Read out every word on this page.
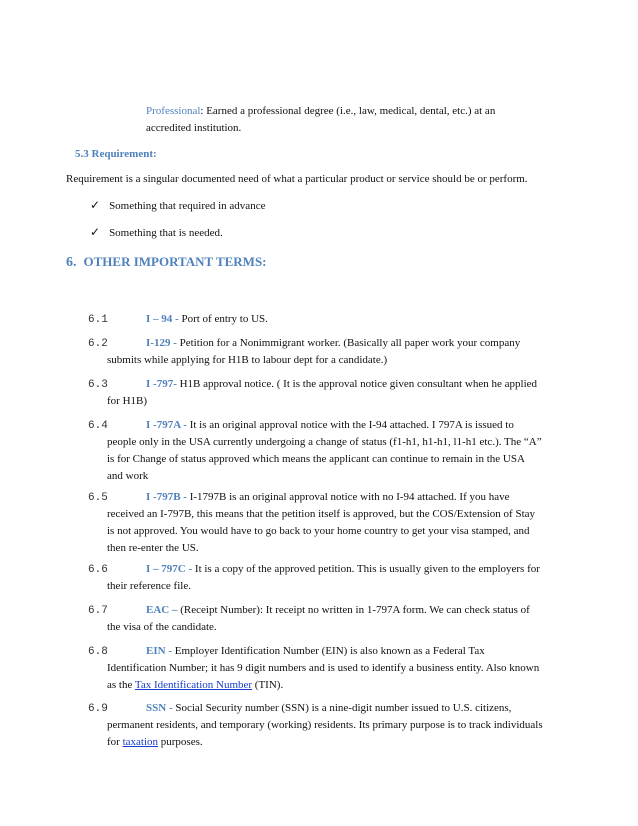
Professional: Earned a professional degree (i.e., law, medical, dental, etc.) at an
accredited institution.
5.3 Requirement:
Requirement is a singular documented need of what a particular product or service should be or perform.
✓ Something that required in advance
✓ Something that is needed.
6. OTHER IMPORTANT TERMS:
6.1	I – 94 - Port of entry to US.
6.2	I-129 - Petition for a Nonimmigrant worker. (Basically all paper work your company
submits while applying for H1B to labour dept for a candidate.)
6.3	I -797- H1B approval notice. ( It is the approval notice given consultant when he applied
for H1B)
6.4	I -797A - It is an original approval notice with the I-94 attached. I 797A is issued to
people only in the USA currently undergoing a change of status (f1-h1, h1-h1, l1-h1 etc.). The “A”
is for Change of status approved which means the applicant can continue to remain in the USA
and work
6.5	I -797B - I-1797B is an original approval notice with no I-94 attached. If you have
received an I-797B, this means that the petition itself is approved, but the COS/Extension of Stay
is not approved. You would have to go back to your home country to get your visa stamped, and
then re-enter the US.
6.6	I – 797C - It is a copy of the approved petition. This is usually given to the employers for
their reference file.
6.7	EAC – (Receipt Number): It receipt no written in 1-797A form. We can check status of
the visa of the candidate.
6.8	EIN - Employer Identification Number (EIN) is also known as a Federal Tax
Identification Number; it has 9 digit numbers and is used to identify a business entity. Also known
as the Tax Identification Number (TIN).
6.9	SSN - Social Security number (SSN) is a nine-digit number issued to U.S. citizens,
permanent residents, and temporary (working) residents. Its primary purpose is to track individuals
for taxation purposes.
